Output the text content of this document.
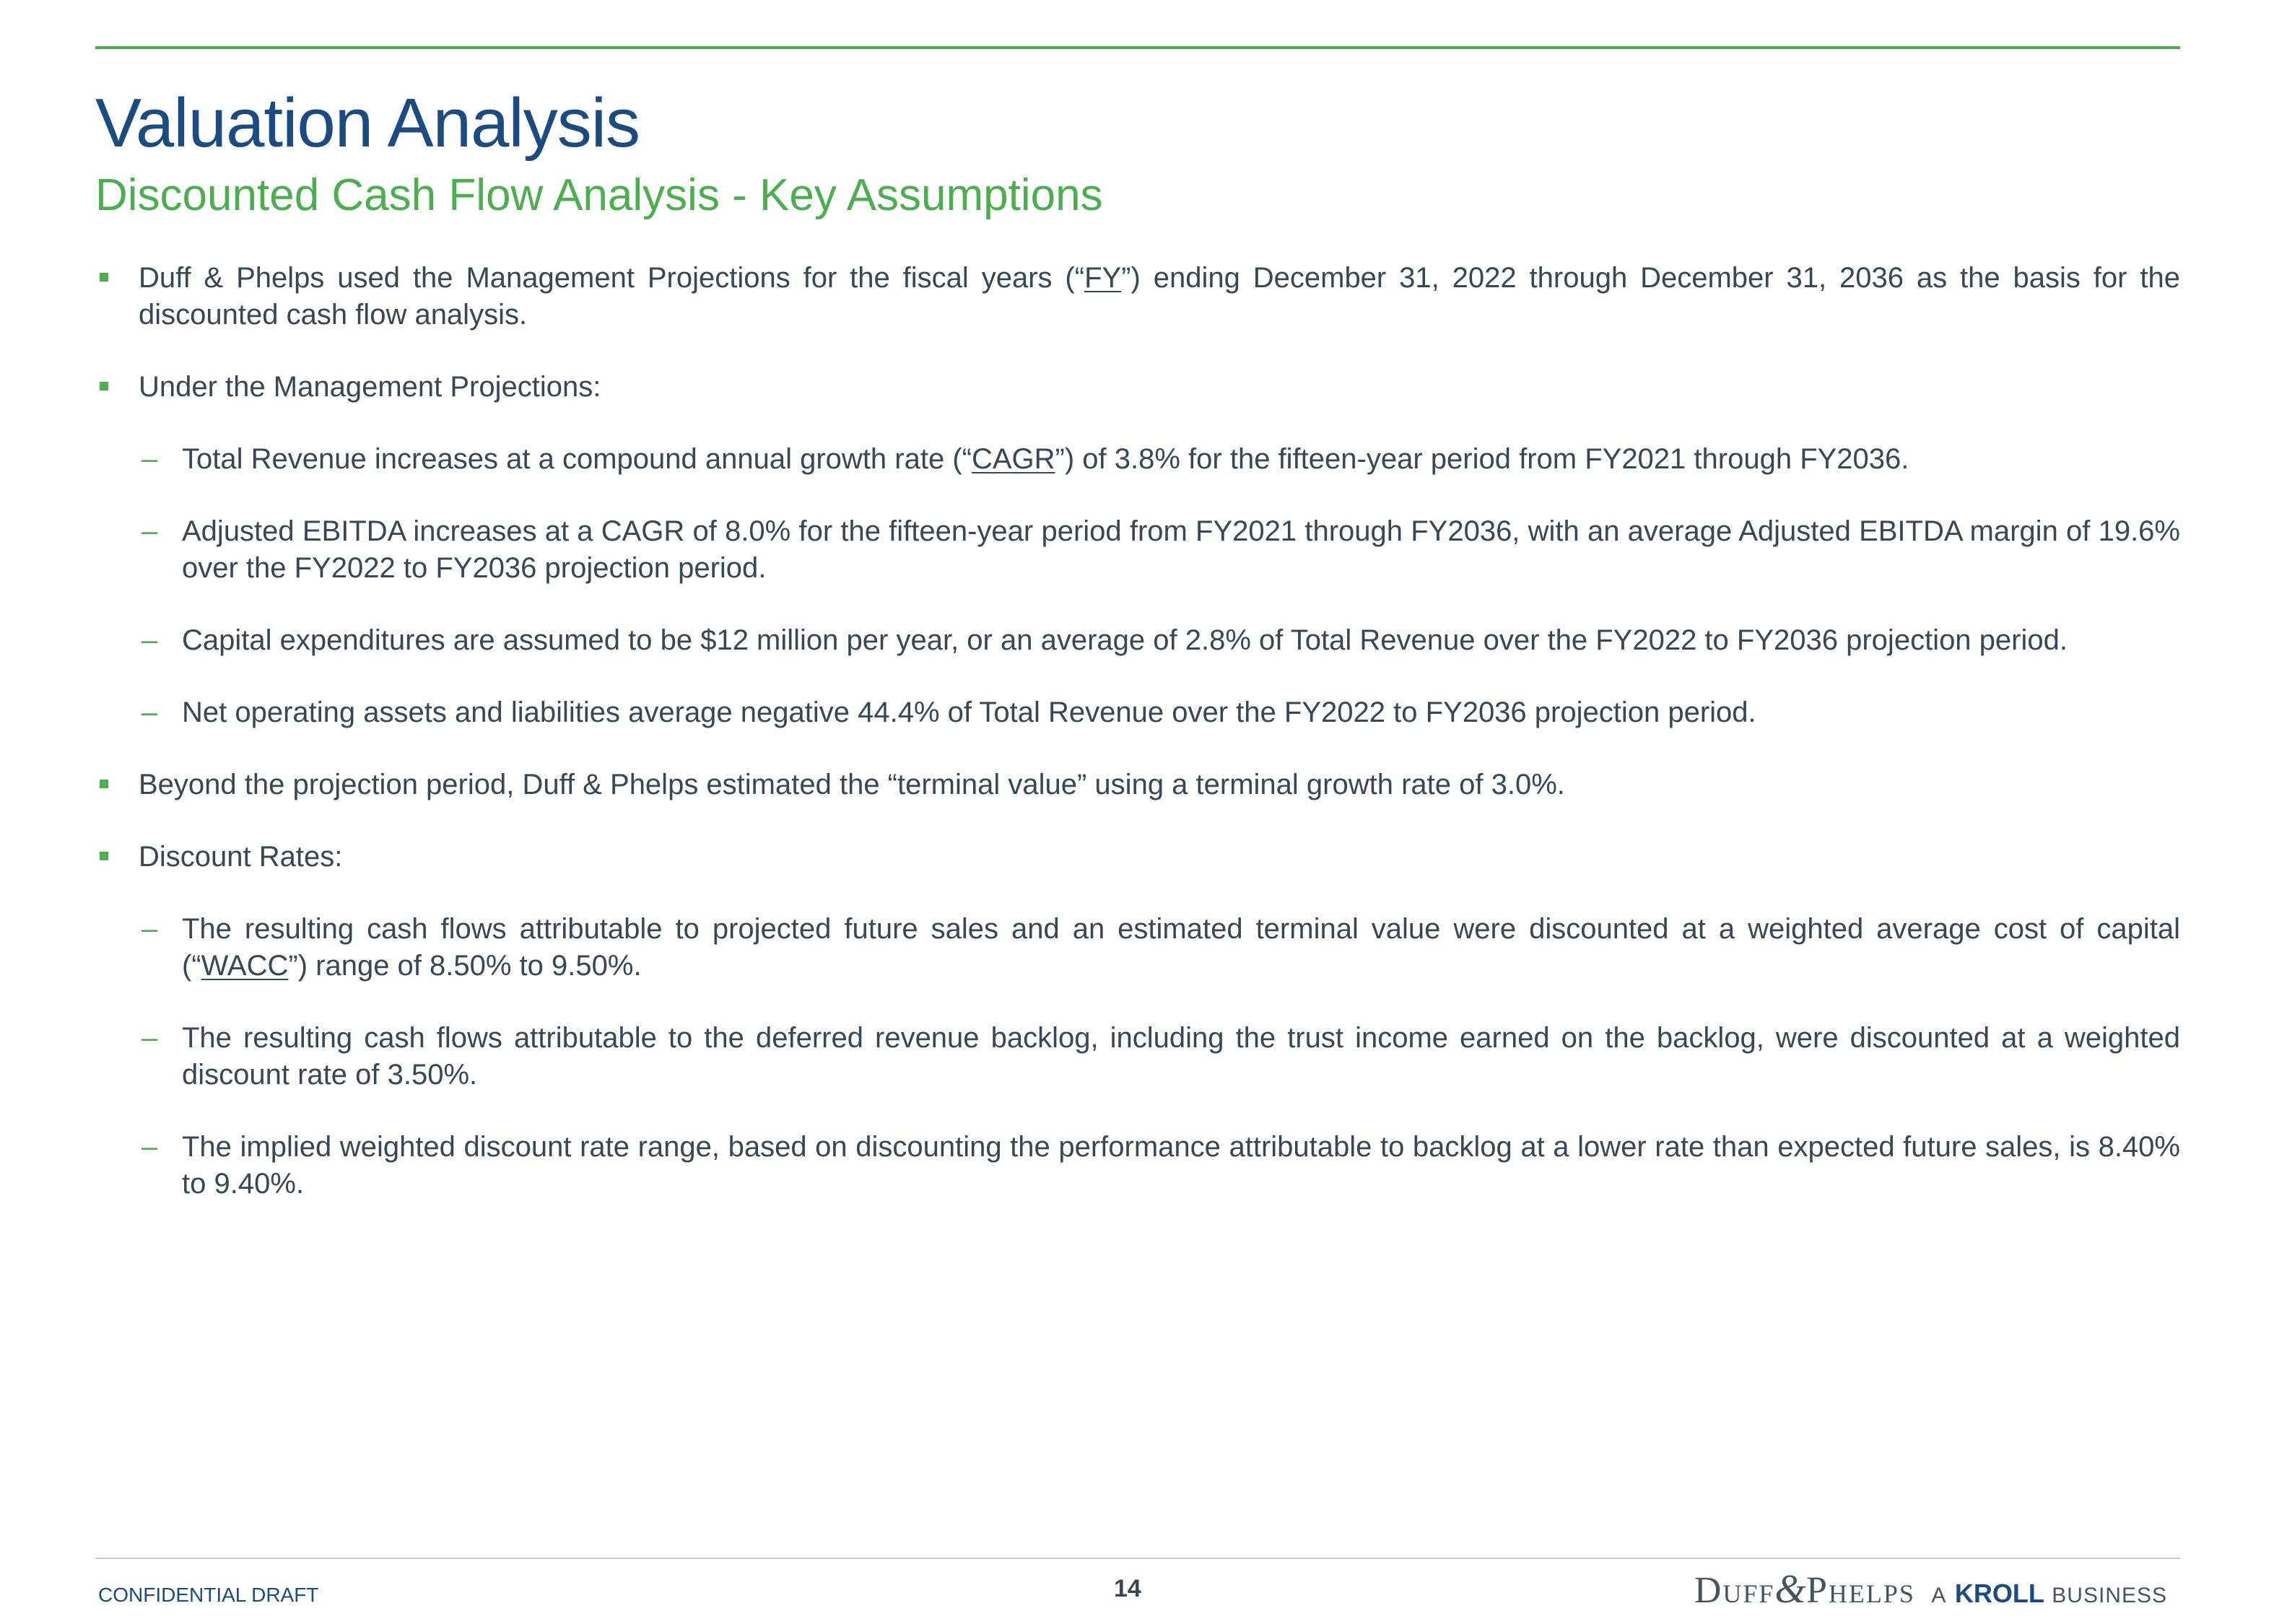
Valuation Analysis
Discounted Cash Flow Analysis - Key Assumptions
Duff & Phelps used the Management Projections for the fiscal years (“FY”) ending December 31, 2022 through December 31, 2036 as the basis for the discounted cash flow analysis.
Under the Management Projections:
– Total Revenue increases at a compound annual growth rate (“CAGR”) of 3.8% for the fifteen-year period from FY2021 through FY2036.
– Adjusted EBITDA increases at a CAGR of 8.0% for the fifteen-year period from FY2021 through FY2036, with an average Adjusted EBITDA margin of 19.6% over the FY2022 to FY2036 projection period.
– Capital expenditures are assumed to be $12 million per year, or an average of 2.8% of Total Revenue over the FY2022 to FY2036 projection period.
– Net operating assets and liabilities average negative 44.4% of Total Revenue over the FY2022 to FY2036 projection period.
Beyond the projection period, Duff & Phelps estimated the “terminal value” using a terminal growth rate of 3.0%.
Discount Rates:
– The resulting cash flows attributable to projected future sales and an estimated terminal value were discounted at a weighted average cost of capital (“WACC”) range of 8.50% to 9.50%.
– The resulting cash flows attributable to the deferred revenue backlog, including the trust income earned on the backlog, were discounted at a weighted discount rate of 3.50%.
– The implied weighted discount rate range, based on discounting the performance attributable to backlog at a lower rate than expected future sales, is 8.40% to 9.40%.
CONFIDENTIAL DRAFT	14	Duff&Phelps A KROLL BUSINESS
